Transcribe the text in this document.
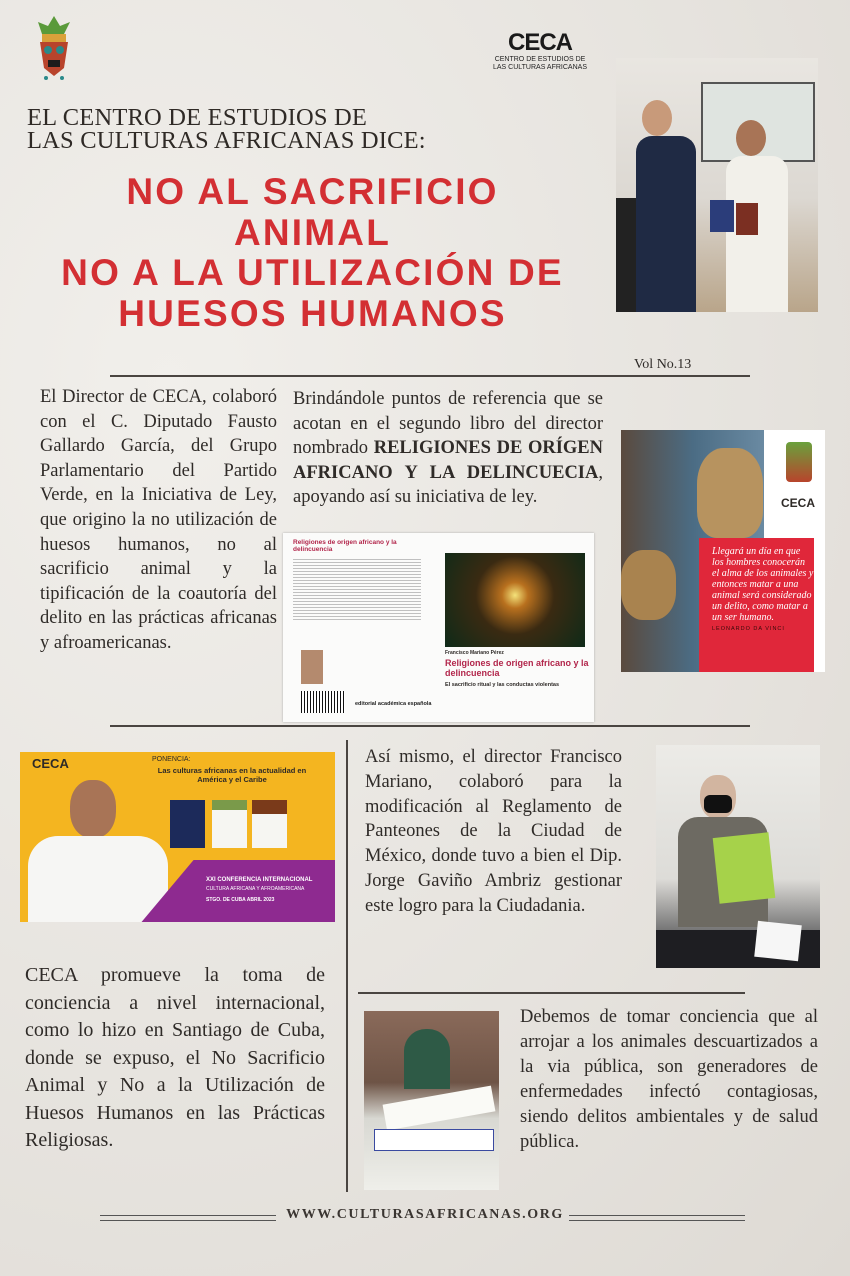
CECA
CENTRO DE ESTUDIOS DE LAS CULTURAS AFRICANAS
EL CENTRO DE ESTUDIOS DE
LAS CULTURAS AFRICANAS DICE:
NO AL SACRIFICIO
ANIMAL
NO A LA UTILIZACIÓN DE
HUESOS HUMANOS
Vol No.13
El Director de CECA, colaboró con el C. Diputado Fausto Gallardo García, del Grupo Parlamentario del Partido Verde, en la Iniciativa de Ley, que origino la no utilización de huesos humanos, no al sacrificio animal y la tipificación de la coautoría del delito en las prácticas africanas y afroamericanas.
Brindándole puntos de referencia que se acotan en el segundo libro del director nombrado RELIGIONES DE ORÍGEN AFRICANO Y LA DELINCUECIA, apoyando así su iniciativa de ley.
Religiones de origen africano y la delincuencia
editorial académica española
Francisco Mariano Pérez
Religiones de origen africano y la delincuencia
El sacrificio ritual y las conductas violentas
CECA
Llegará un día en que los hombres conocerán el alma de los animales y entonces matar a una animal será considerado un delito, como matar a un ser humano.
LEONARDO DA VINCI
CECA	PONENCIA:
Las culturas africanas en la actualidad en América y el Caribe
XXI CONFERENCIA INTERNACIONAL
CULTURA AFRICANA Y AFROAMERICANA
STGO. DE CUBA ABRIL 2023
Así mismo, el director Francisco Mariano, colaboró para la modificación al Reglamento de Panteones de la Ciudad de México, donde tuvo a bien el Dip. Jorge Gaviño Ambriz gestionar este logro para la Ciudadania.
CECA promueve la toma de conciencia a nivel internacional, como lo hizo en Santiago de Cuba, donde se expuso, el No Sacrificio Animal y No a la Utilización de Huesos Humanos en las Prácticas Religiosas.
Debemos de tomar conciencia que al arrojar a los animales descuartizados a la via pública, son generadores de enfermedades infectó contagiosas, siendo delitos ambientales y de salud pública.
WWW.CULTURASAFRICANAS.ORG
